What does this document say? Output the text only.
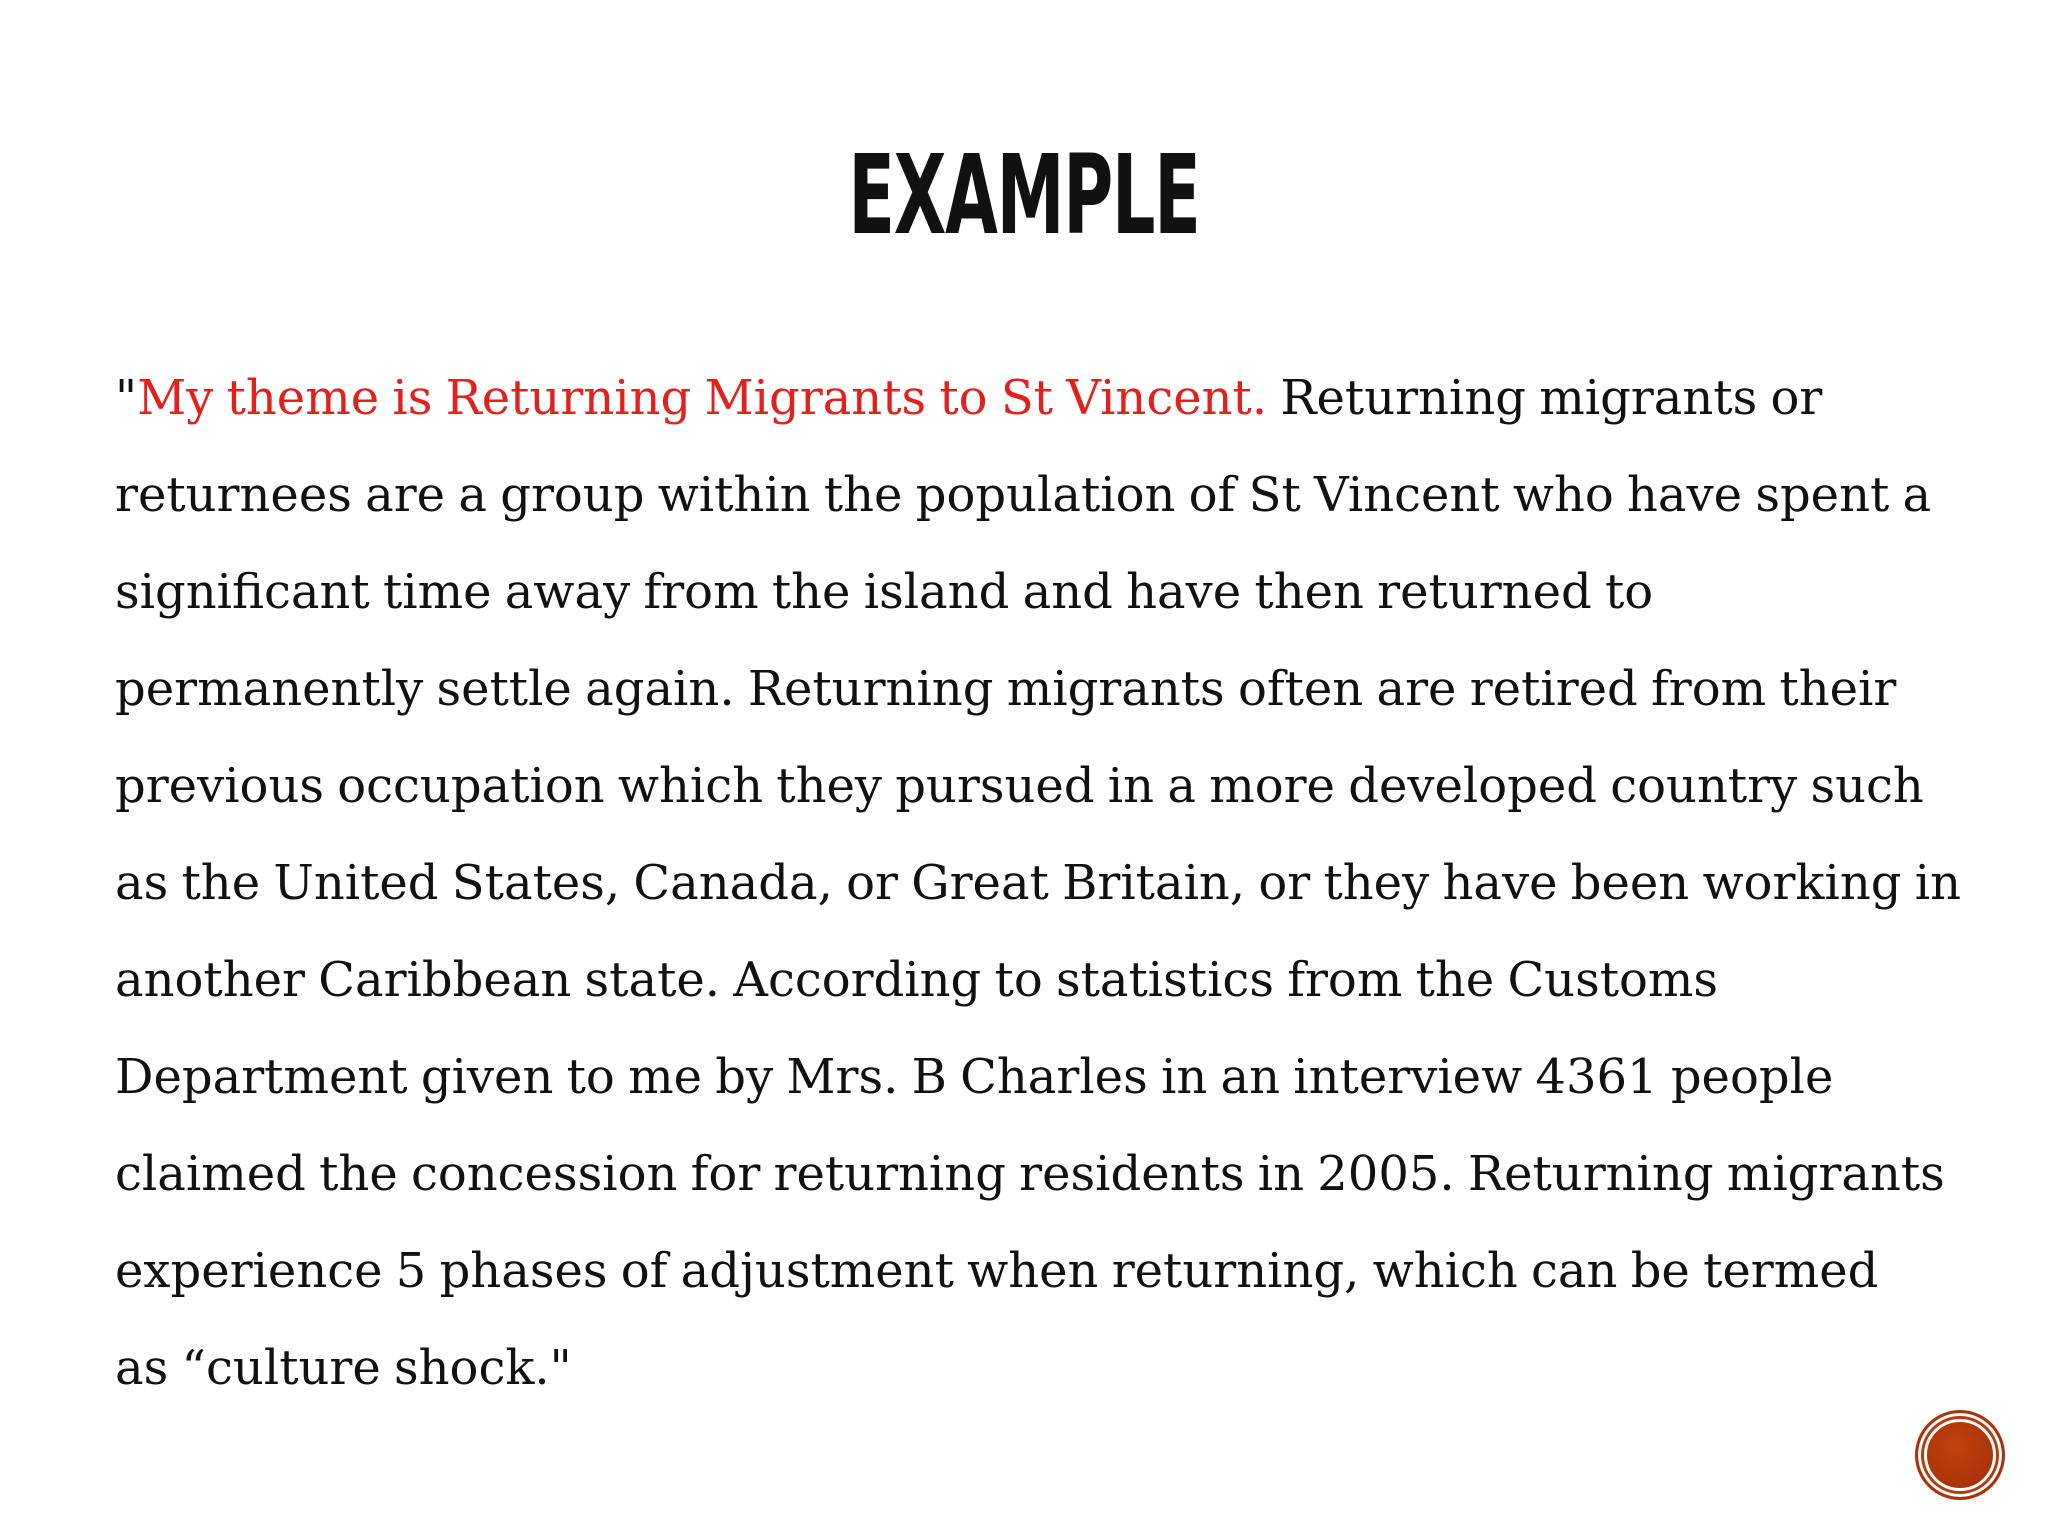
EXAMPLE

"My theme is Returning Migrants to St Vincent. Returning migrants or
returnees are a group within the population of St Vincent who have spent a
significant time away from the island and have then returned to
permanently settle again. Returning migrants often are retired from their
previous occupation which they pursued in a more developed country such
as the United States, Canada, or Great Britain, or they have been working in
another Caribbean state. According to statistics from the Customs
Department given to me by Mrs. B Charles in an interview 4361 people
claimed the concession for returning residents in 2005. Returning migrants
experience 5 phases of adjustment when returning, which can be termed
as “culture shock."
